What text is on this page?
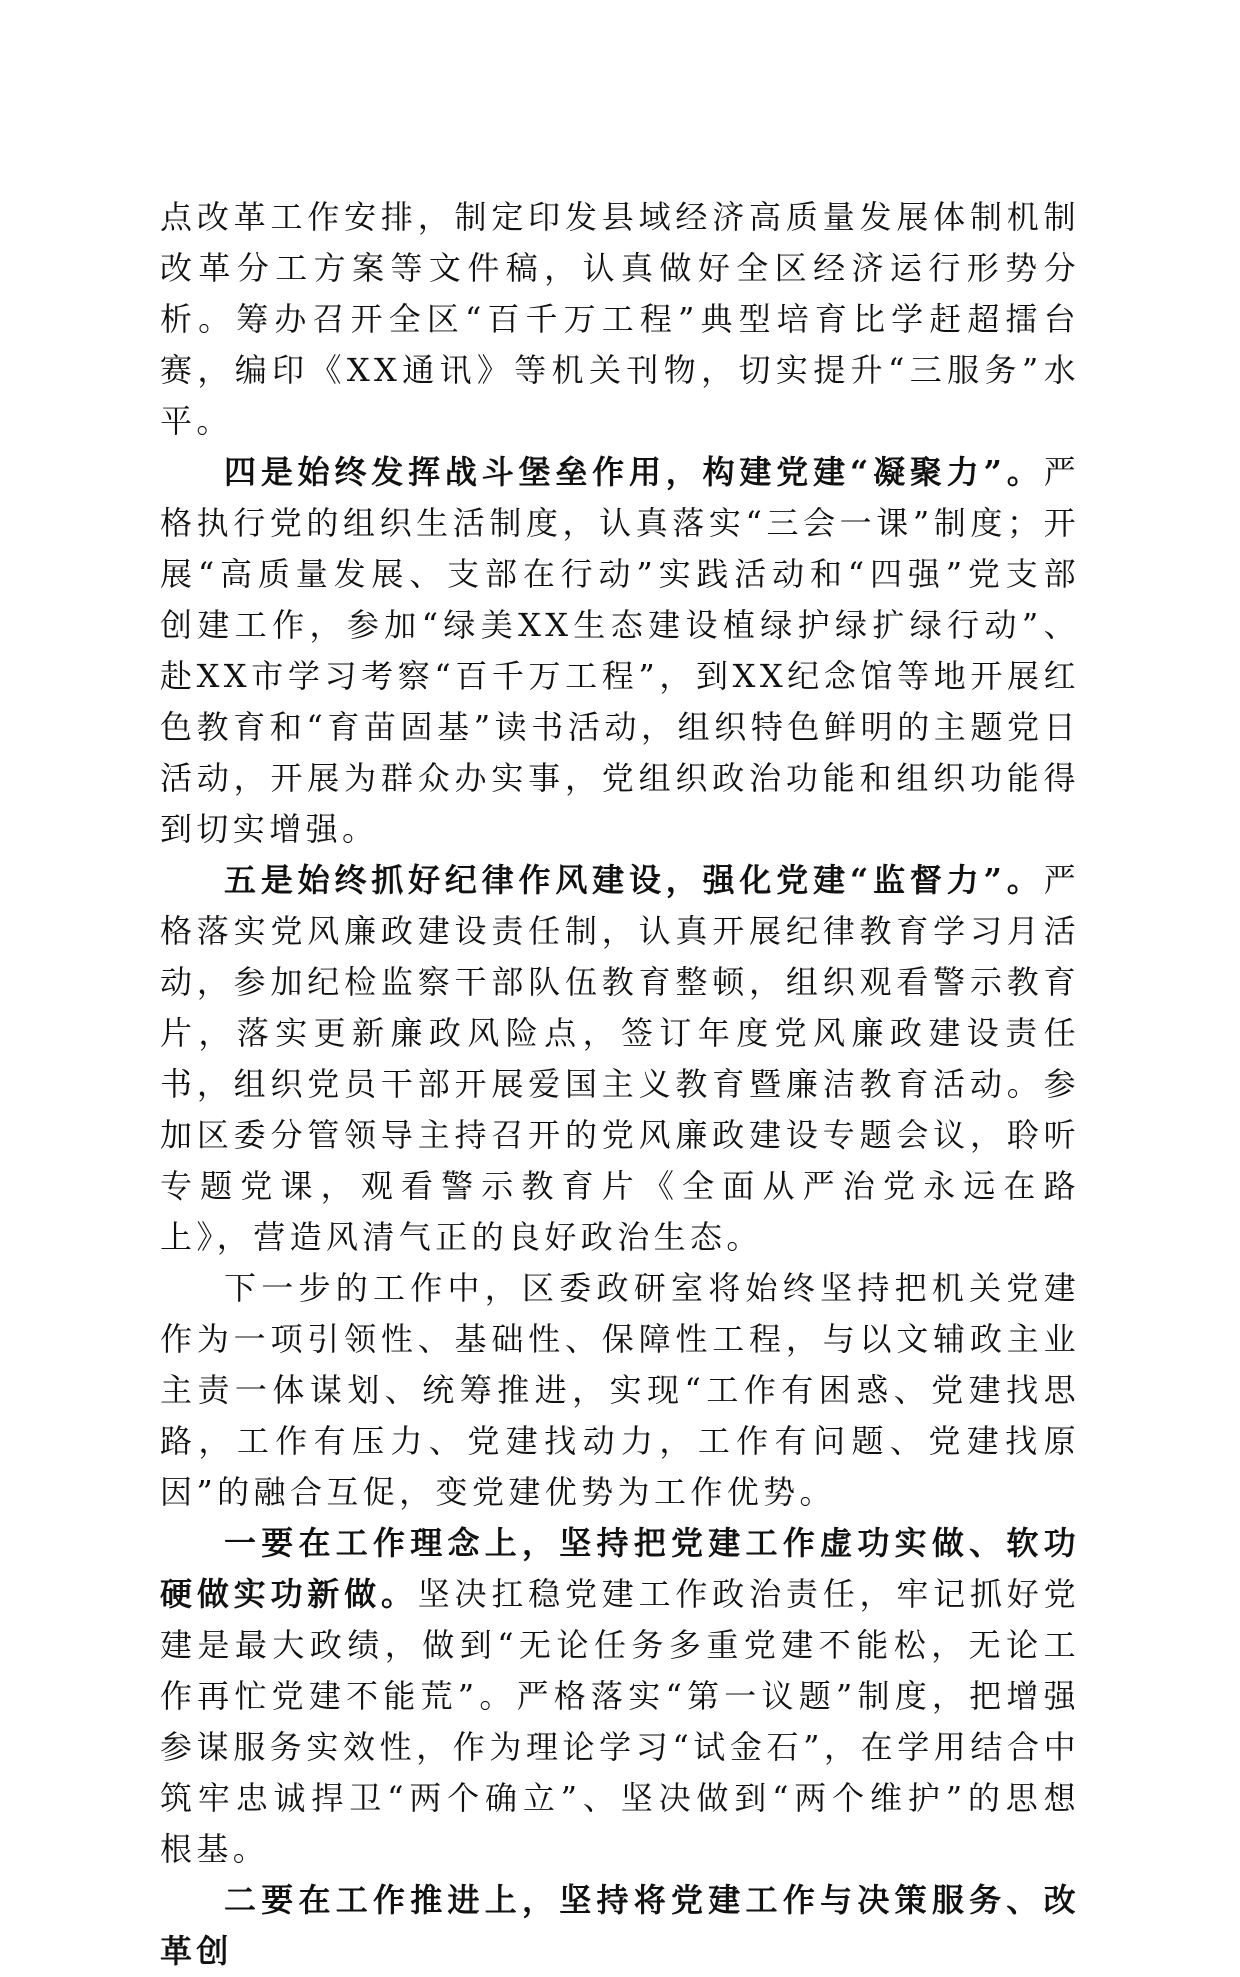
点改革工作安排，制定印发县域经济高质量发展体制机制改革分工方案等文件稿，认真做好全区经济运行形势分析。筹办召开全区“百千万工程”典型培育比学赶超擂台赛，编印《XX通讯》等机关刊物，切实提升“三服务”水平。

四是始终发挥战斗堡垒作用，构建党建“凝聚力”。严格执行党的组织生活制度，认真落实“三会一课”制度；开展“高质量发展、支部在行动”实践活动和“四强”党支部创建工作，参加“绿美XX生态建设植绿护绿扩绿行动”、赴XX市学习考察“百千万工程”，到XX纪念馆等地开展红色教育和“育苗固基”读书活动，组织特色鲜明的主题党日活动，开展为群众办实事，党组织政治功能和组织功能得到切实增强。

五是始终抓好纪律作风建设，强化党建“监督力”。严格落实党风廉政建设责任制，认真开展纪律教育学习月活动，参加纪检监察干部队伍教育整顿，组织观看警示教育片，落实更新廉政风险点，签订年度党风廉政建设责任书，组织党员干部开展爱国主义教育暨廉洁教育活动。参加区委分管领导主持召开的党风廉政建设专题会议，聆听专题党课，观看警示教育片《全面从严治党永远在路上》，营造风清气正的良好政治生态。

下一步的工作中，区委政研室将始终坚持把机关党建作为一项引领性、基础性、保障性工程，与以文辅政主业主责一体谋划、统筹推进，实现“工作有困惑、党建找思路，工作有压力、党建找动力，工作有问题、党建找原因”的融合互促，变党建优势为工作优势。

一要在工作理念上，坚持把党建工作虚功实做、软功硬做实功新做。坚决扛稳党建工作政治责任，牢记抓好党建是最大政绩，做到“无论任务多重党建不能松，无论工作再忙党建不能荒”。严格落实“第一议题”制度，把增强参谋服务实效性，作为理论学习“试金石”，在学用结合中筑牢忠诚捍卫“两个确立”、坚决做到“两个维护”的思想根基。

二要在工作推进上，坚持将党建工作与决策服务、改革创
